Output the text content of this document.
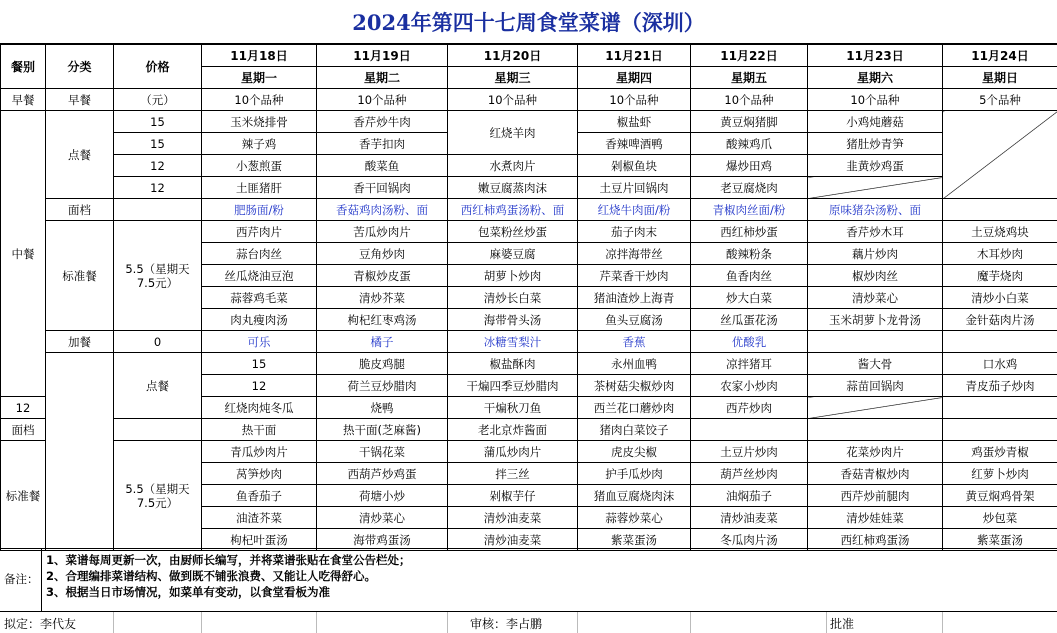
2024年第四十七周食堂菜谱（深圳）
餐别	分类	价格	11月18日	11月19日	11月20日	11月21日	11月22日	11月23日	11月24日	
			星期一	星期二	星期三	星期四	星期五	星期六	星期日	
早餐	早餐	（元）	10个品种	10个品种	10个品种	10个品种	10个品种	10个品种	5个品种	
中餐	点餐	15	玉米烧排骨	香芹炒牛肉	红烧羊肉	椒盐虾	黄豆焖猪脚	小鸡炖蘑菇		
		15	辣子鸡	香芋扣肉		香辣啤酒鸭	酸辣鸡爪	猪肚炒青笋		
		12	小葱煎蛋	酸菜鱼	水煮肉片	剁椒鱼块	爆炒田鸡	韭黄炒鸡蛋		
		12	土匪猪肝	香干回锅肉	嫩豆腐蒸肉沫	土豆片回锅肉	老豆腐烧肉			
	面档		肥肠面/粉	香菇鸡肉汤粉、面	西红柿鸡蛋汤粉、面	红烧牛肉面/粉	青椒肉丝面/粉	原味猪杂汤粉、面		
	标准餐	5.5（星期天7.5元）	西芹肉片	苦瓜炒肉片	包菜粉丝炒蛋	茄子肉末	西红柿炒蛋	香芹炒木耳	土豆烧鸡块	
			蒜台肉丝	豆角炒肉	麻婆豆腐	凉拌海带丝	酸辣粉条	藕片炒肉	木耳炒肉	
			丝瓜烧油豆泡	青椒炒皮蛋	胡萝卜炒肉	芹菜香干炒肉	鱼香肉丝	椒炒肉丝	魔芋烧肉	
			蒜蓉鸡毛菜	清炒芥菜	清炒长白菜	猪油渣炒上海青	炒大白菜	清炒菜心	清炒小白菜	
			肉丸瘦肉汤	枸杞红枣鸡汤	海带骨头汤	鱼头豆腐汤	丝瓜蛋花汤	玉米胡萝卜龙骨汤	金针菇肉片汤	
	加餐	0	可乐	橘子	冰糖雪梨汁	香蕉	优酸乳			
		点餐	15	脆皮鸡腿	椒盐酥肉	永州血鸭	凉拌猪耳	酱大骨	口水鸡	
			12	荷兰豆炒腊肉	干煸四季豆炒腊肉	茶树菇尖椒炒肉	农家小炒肉	蒜苗回锅肉	青皮茄子炒肉	
12			红烧肉炖冬瓜	烧鸭	干煸秋刀鱼	西兰花口蘑炒肉	西芹炒肉			
面档			热干面	热干面(芝麻酱)	老北京炸酱面	猪肉白菜饺子				
标准餐		5.5（星期天7.5元）	青瓜炒肉片	干锅花菜	蒲瓜炒肉片	虎皮尖椒	土豆片炒肉	花菜炒肉片	鸡蛋炒青椒	
			莴笋炒肉	西葫芦炒鸡蛋	拌三丝	护手瓜炒肉	葫芦丝炒肉	香菇青椒炒肉	红萝卜炒肉	
			鱼香茄子	荷塘小炒	剁椒芋仔	猪血豆腐烧肉沫	油焖茄子	西芹炒前腿肉	黄豆焖鸡骨架	
			油渣芥菜	清炒菜心	清炒油麦菜	蒜蓉炒菜心	清炒油麦菜	清炒娃娃菜	炒包菜	
			枸杞叶蛋汤	海带鸡蛋汤	清炒油麦菜	紫菜蛋汤	冬瓜肉片汤	西红柿鸡蛋汤	紫菜蛋汤	
备注：
1、菜谱每周更新一次，由厨师长编写，并将菜谱张贴在食堂公告栏处；
2、合理编排菜谱结构、做到既不铺张浪费、又能让人吃得舒心。
3、根据当日市场情况，如菜单有变动，以食堂看板为准
拟定：李代友	审核：李占鹏	批准
